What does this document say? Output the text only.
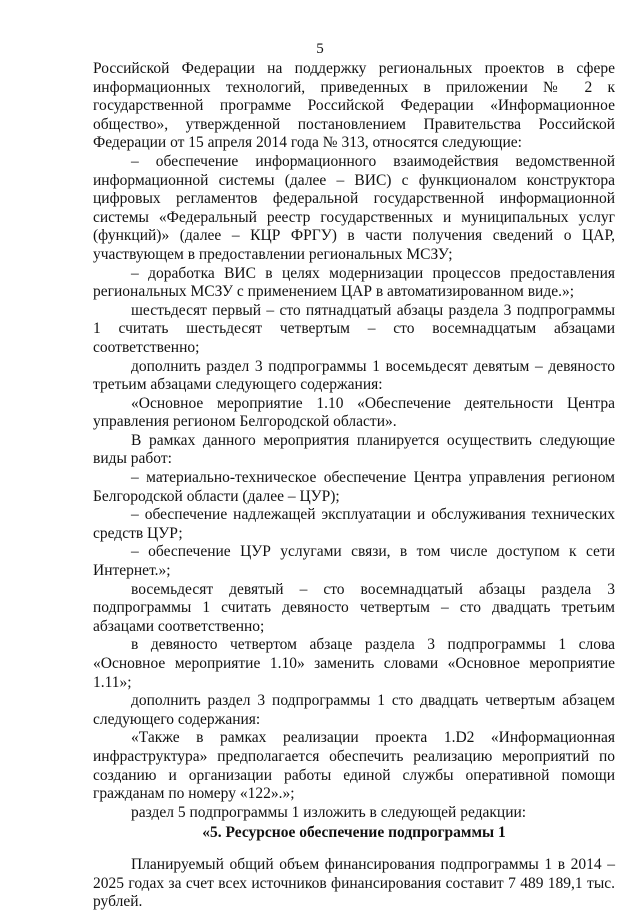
5

Российской Федерации на поддержку региональных проектов в сфере информационных технологий, приведенных в приложении № 2 к государственной программе Российской Федерации «Информационное общество», утвержденной постановлением Правительства Российской Федерации от 15 апреля 2014 года № 313, относятся следующие:

– обеспечение информационного взаимодействия ведомственной информационной системы (далее – ВИС) с функционалом конструктора цифровых регламентов федеральной государственной информационной системы «Федеральный реестр государственных и муниципальных услуг (функций)» (далее – КЦР ФРГУ) в части получения сведений о ЦАР, участвующем в предоставлении региональных МСЗУ;

– доработка ВИС в целях модернизации процессов предоставления региональных МСЗУ с применением ЦАР в автоматизированном виде.»;

шестьдесят первый – сто пятнадцатый абзацы раздела 3 подпрограммы 1 считать шестьдесят четвертым – сто восемнадцатым абзацами соответственно;

дополнить раздел 3 подпрограммы 1 восемьдесят девятым – девяносто третьим абзацами следующего содержания:

«Основное мероприятие 1.10 «Обеспечение деятельности Центра управления регионом Белгородской области».

В рамках данного мероприятия планируется осуществить следующие виды работ:

– материально-техническое обеспечение Центра управления регионом Белгородской области (далее – ЦУР);

– обеспечение надлежащей эксплуатации и обслуживания технических средств ЦУР;

– обеспечение ЦУР услугами связи, в том числе доступом к сети Интернет.»;

восемьдесят девятый – сто восемнадцатый абзацы раздела 3 подпрограммы 1 считать девяносто четвертым – сто двадцать третьим абзацами соответственно;

в девяносто четвертом абзаце раздела 3 подпрограммы 1 слова «Основное мероприятие 1.10» заменить словами «Основное мероприятие 1.11»;

дополнить раздел 3 подпрограммы 1 сто двадцать четвертым абзацем следующего содержания:

«Также в рамках реализации проекта 1.D2 «Информационная инфраструктура» предполагается обеспечить реализацию мероприятий по созданию и организации работы единой службы оперативной помощи гражданам по номеру «122».»;

раздел 5 подпрограммы 1 изложить в следующей редакции:

«5. Ресурсное обеспечение подпрограммы 1

Планируемый общий объем финансирования подпрограммы 1 в 2014 – 2025 годах за счет всех источников финансирования составит 7 489 189,1 тыс. рублей.
